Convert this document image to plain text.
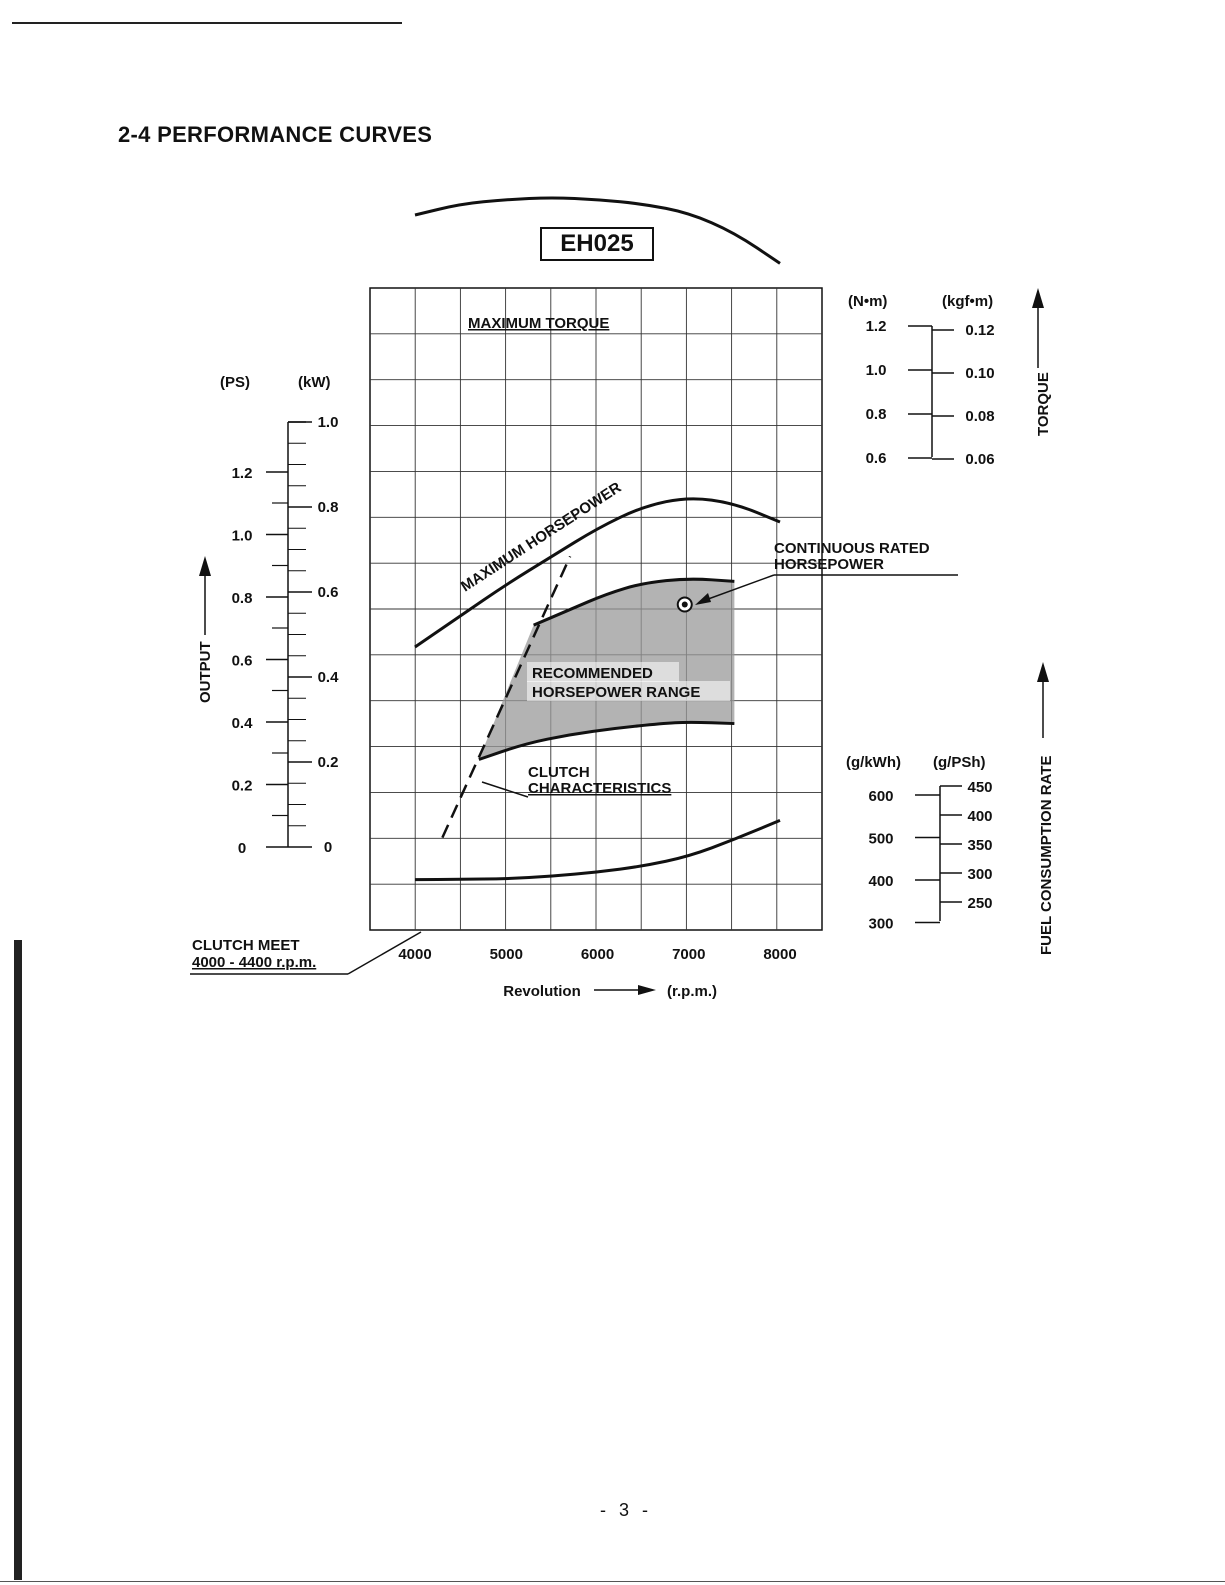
2-4 PERFORMANCE CURVES
EH025
MAXIMUM TORQUE
MAXIMUM HORSEPOWER
RECOMMENDED
HORSEPOWER RANGE
CLUTCH
CHARACTERISTICS
CONTINUOUS RATED
HORSEPOWER
4000	5000	6000	7000	8000
Revolution	(r.p.m.)
CLUTCH MEET
4000 - 4400 r.p.m.
(PS)	(kW)
1.2
1.0
0.8
0.6
0.4
0.2
0
1.0
0.8
0.6
0.4
0.2
0
OUTPUT
(N•m)	(kgf•m)
1.2
1.0
0.8
0.6
0.12
0.10
0.08
0.06
TORQUE
(g/kWh) (g/PSh)
600
500
400
300
450
400
350
300
250	FUEL CONSUMPTION RATE
- 3 -
